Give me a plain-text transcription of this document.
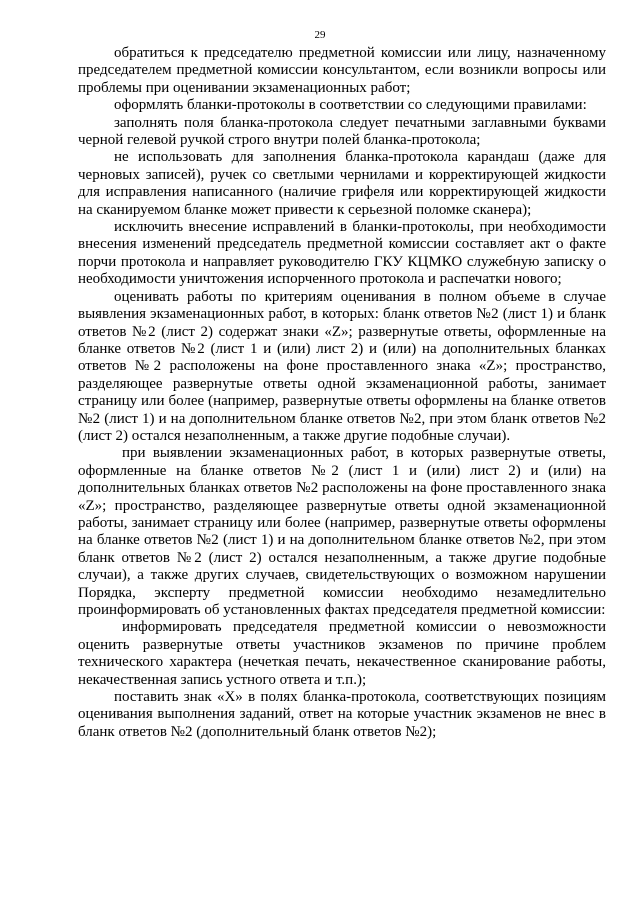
29

обратиться к председателю предметной комиссии или лицу, назначенному председателем предметной комиссии консультантом, если возникли вопросы или проблемы при оценивании экзаменационных работ;

оформлять бланки-протоколы в соответствии со следующими правилами:

заполнять поля бланка-протокола следует печатными заглавными буквами черной гелевой ручкой строго внутри полей бланка-протокола;

не использовать для заполнения бланка-протокола карандаш (даже для черновых записей), ручек со светлыми чернилами и корректирующей жидкости для исправления написанного (наличие грифеля или корректирующей жидкости на сканируемом бланке может привести к серьезной поломке сканера);

исключить внесение исправлений в бланки-протоколы, при необходимости внесения изменений председатель предметной комиссии составляет акт о факте порчи протокола и направляет руководителю ГКУ КЦМКО служебную записку о необходимости уничтожения испорченного протокола и распечатки нового;

оценивать работы по критериям оценивания в полном объеме в случае выявления экзаменационных работ, в которых: бланк ответов №2 (лист 1) и бланк ответов №2 (лист 2) содержат знаки «Z»; развернутые ответы, оформленные на бланке ответов №2 (лист 1 и (или) лист 2) и (или) на дополнительных бланках ответов №2 расположены на фоне проставленного знака «Z»; пространство, разделяющее развернутые ответы одной экзаменационной работы, занимает страницу или более (например, развернутые ответы оформлены на бланке ответов №2 (лист 1) и на дополнительном бланке ответов №2, при этом бланк ответов №2 (лист 2) остался незаполненным, а также другие подобные случаи).

при выявлении экзаменационных работ, в которых развернутые ответы, оформленные на бланке ответов №2 (лист 1 и (или) лист 2) и (или) на дополнительных бланках ответов №2 расположены на фоне проставленного знака «Z»; пространство, разделяющее развернутые ответы одной экзаменационной работы, занимает страницу или более (например, развернутые ответы оформлены на бланке ответов №2 (лист 1) и на дополнительном бланке ответов №2, при этом бланк ответов №2 (лист 2) остался незаполненным, а также другие подобные случаи), а также других случаев, свидетельствующих о возможном нарушении Порядка, эксперту предметной комиссии необходимо незамедлительно проинформировать об установленных фактах председателя предметной комиссии:

информировать председателя предметной комиссии о невозможности оценить развернутые ответы участников экзаменов по причине проблем технического характера (нечеткая печать, некачественное сканирование работы, некачественная запись устного ответа и т.п.);

поставить знак «X» в полях бланка-протокола, соответствующих позициям оценивания выполнения заданий, ответ на которые участник экзаменов не внес в бланк ответов №2 (дополнительный бланк ответов №2);
